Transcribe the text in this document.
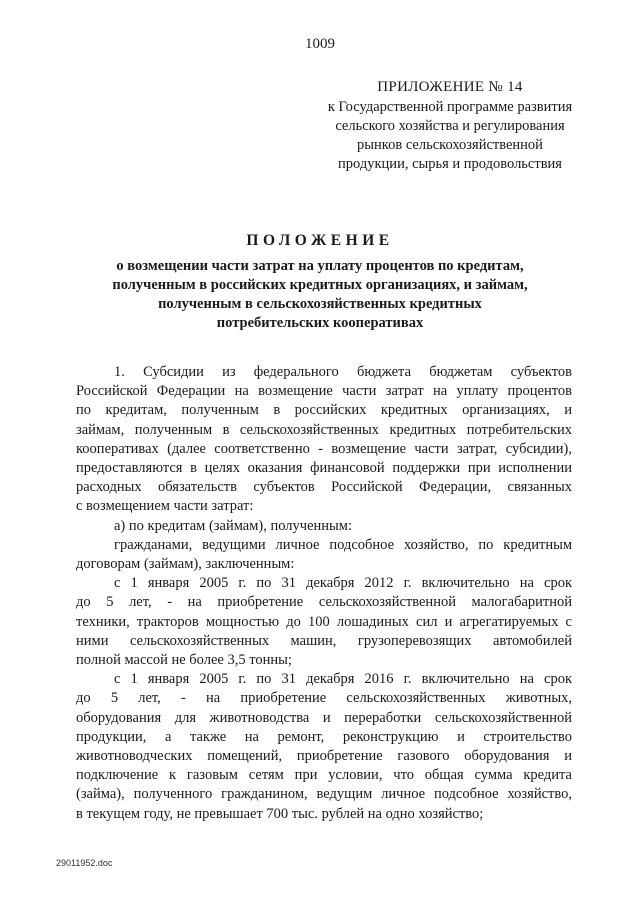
1009
ПРИЛОЖЕНИЕ № 14
к Государственной программе развития
сельского хозяйства и регулирования
рынков сельскохозяйственной
продукции, сырья и продовольствия
ПОЛОЖЕНИЕ
о возмещении части затрат на уплату процентов по кредитам,
полученным в российских кредитных организациях, и займам,
полученным в сельскохозяйственных кредитных
потребительских кооперативах
1. Субсидии из федерального бюджета бюджетам субъектов
Российской Федерации на возмещение части затрат на уплату процентов
по кредитам, полученным в российских кредитных организациях, и
займам, полученным в сельскохозяйственных кредитных потребительских
кооперативах (далее соответственно - возмещение части затрат, субсидии),
предоставляются в целях оказания финансовой поддержки при исполнении
расходных обязательств субъектов Российской Федерации, связанных
с возмещением части затрат:
а) по кредитам (займам), полученным:
гражданами, ведущими личное подсобное хозяйство, по кредитным
договорам (займам), заключенным:
с 1 января 2005 г. по 31 декабря 2012 г. включительно на срок
до 5 лет, - на приобретение сельскохозяйственной малогабаритной
техники, тракторов мощностью до 100 лошадиных сил и агрегатируемых с
ними сельскохозяйственных машин, грузоперевозящих автомобилей
полной массой не более 3,5 тонны;
с 1 января 2005 г. по 31 декабря 2016 г. включительно на срок
до 5 лет, - на приобретение сельскохозяйственных животных,
оборудования для животноводства и переработки сельскохозяйственной
продукции, а также на ремонт, реконструкцию и строительство
животноводческих помещений, приобретение газового оборудования и
подключение к газовым сетям при условии, что общая сумма кредита
(займа), полученного гражданином, ведущим личное подсобное хозяйство,
в текущем году, не превышает 700 тыс. рублей на одно хозяйство;
29011952.doc
